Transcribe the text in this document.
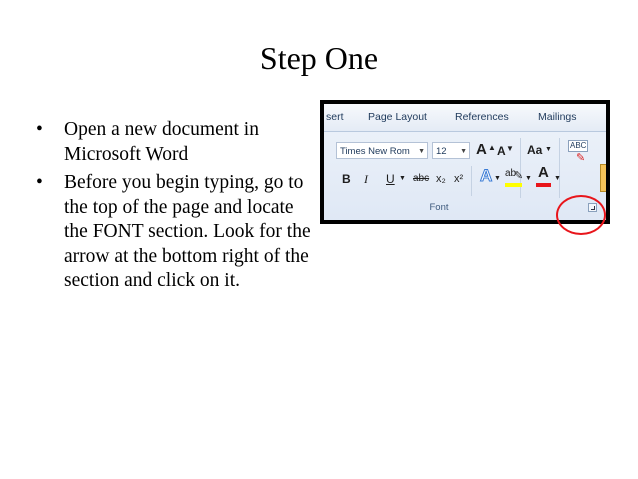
Step One
• Open a new document in Microsoft Word
• Before you begin typing, go to the top of the page and locate the FONT section. Look for the arrow at the bottom right of the section and click on it.
sert Page Layout	References	Mailings
Times New Rom ▼	12 ▼ A ▲ A ▼ Aa ▼ ABC
✎
B I U ▼ abc x₂ x² A ▼ ab
✎ ▼ A ▼
Font
